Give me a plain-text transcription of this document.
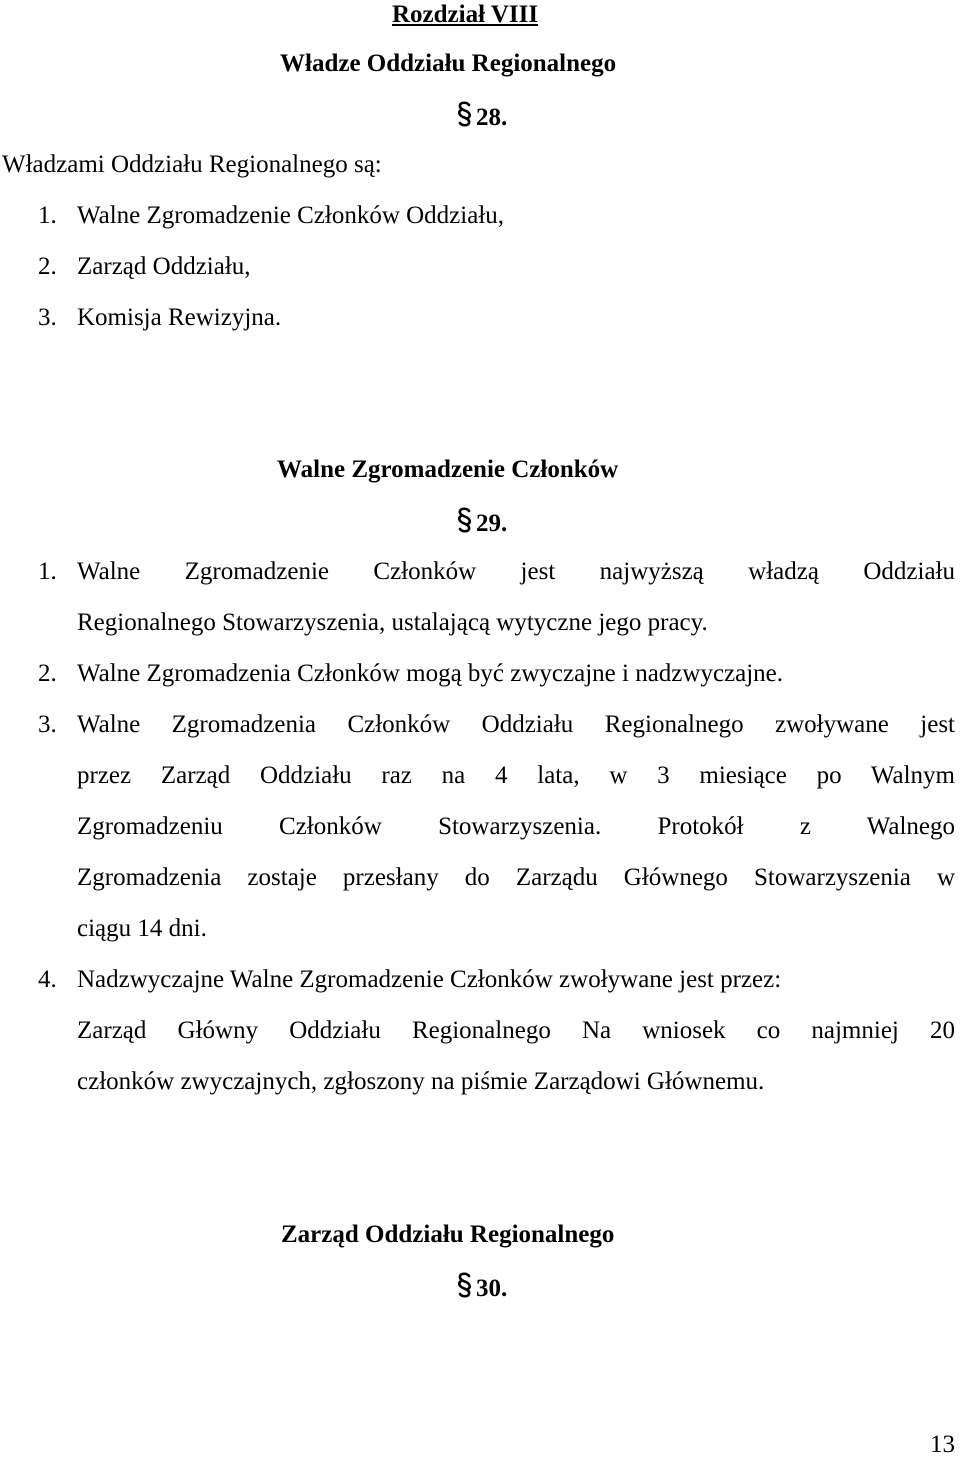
Rozdział VIII
Władze Oddziału Regionalnego
28.
Władzami Oddziału Regionalnego są:
1. Walne Zgromadzenie Członków Oddziału,
2. Zarząd Oddziału,
3. Komisja Rewizyjna.
Walne Zgromadzenie Członków
29.
1. Walne Zgromadzenie Członków jest najwyższą władzą Oddziału
Regionalnego Stowarzyszenia, ustalającą wytyczne jego pracy.
2. Walne Zgromadzenia Członków mogą być zwyczajne i nadzwyczajne.
3. Walne Zgromadzenia Członków Oddziału Regionalnego zwoływane jest
przez Zarząd Oddziału raz na 4 lata, w 3 miesiące po Walnym
Zgromadzeniu Członków Stowarzyszenia. Protokół z Walnego
Zgromadzenia zostaje przesłany do Zarządu Głównego Stowarzyszenia w
ciągu 14 dni.
4. Nadzwyczajne Walne Zgromadzenie Członków zwoływane jest przez:
Zarząd Główny Oddziału Regionalnego Na wniosek co najmniej 20
członków zwyczajnych, zgłoszony na piśmie Zarządowi Głównemu.
Zarząd Oddziału Regionalnego
30.
13
